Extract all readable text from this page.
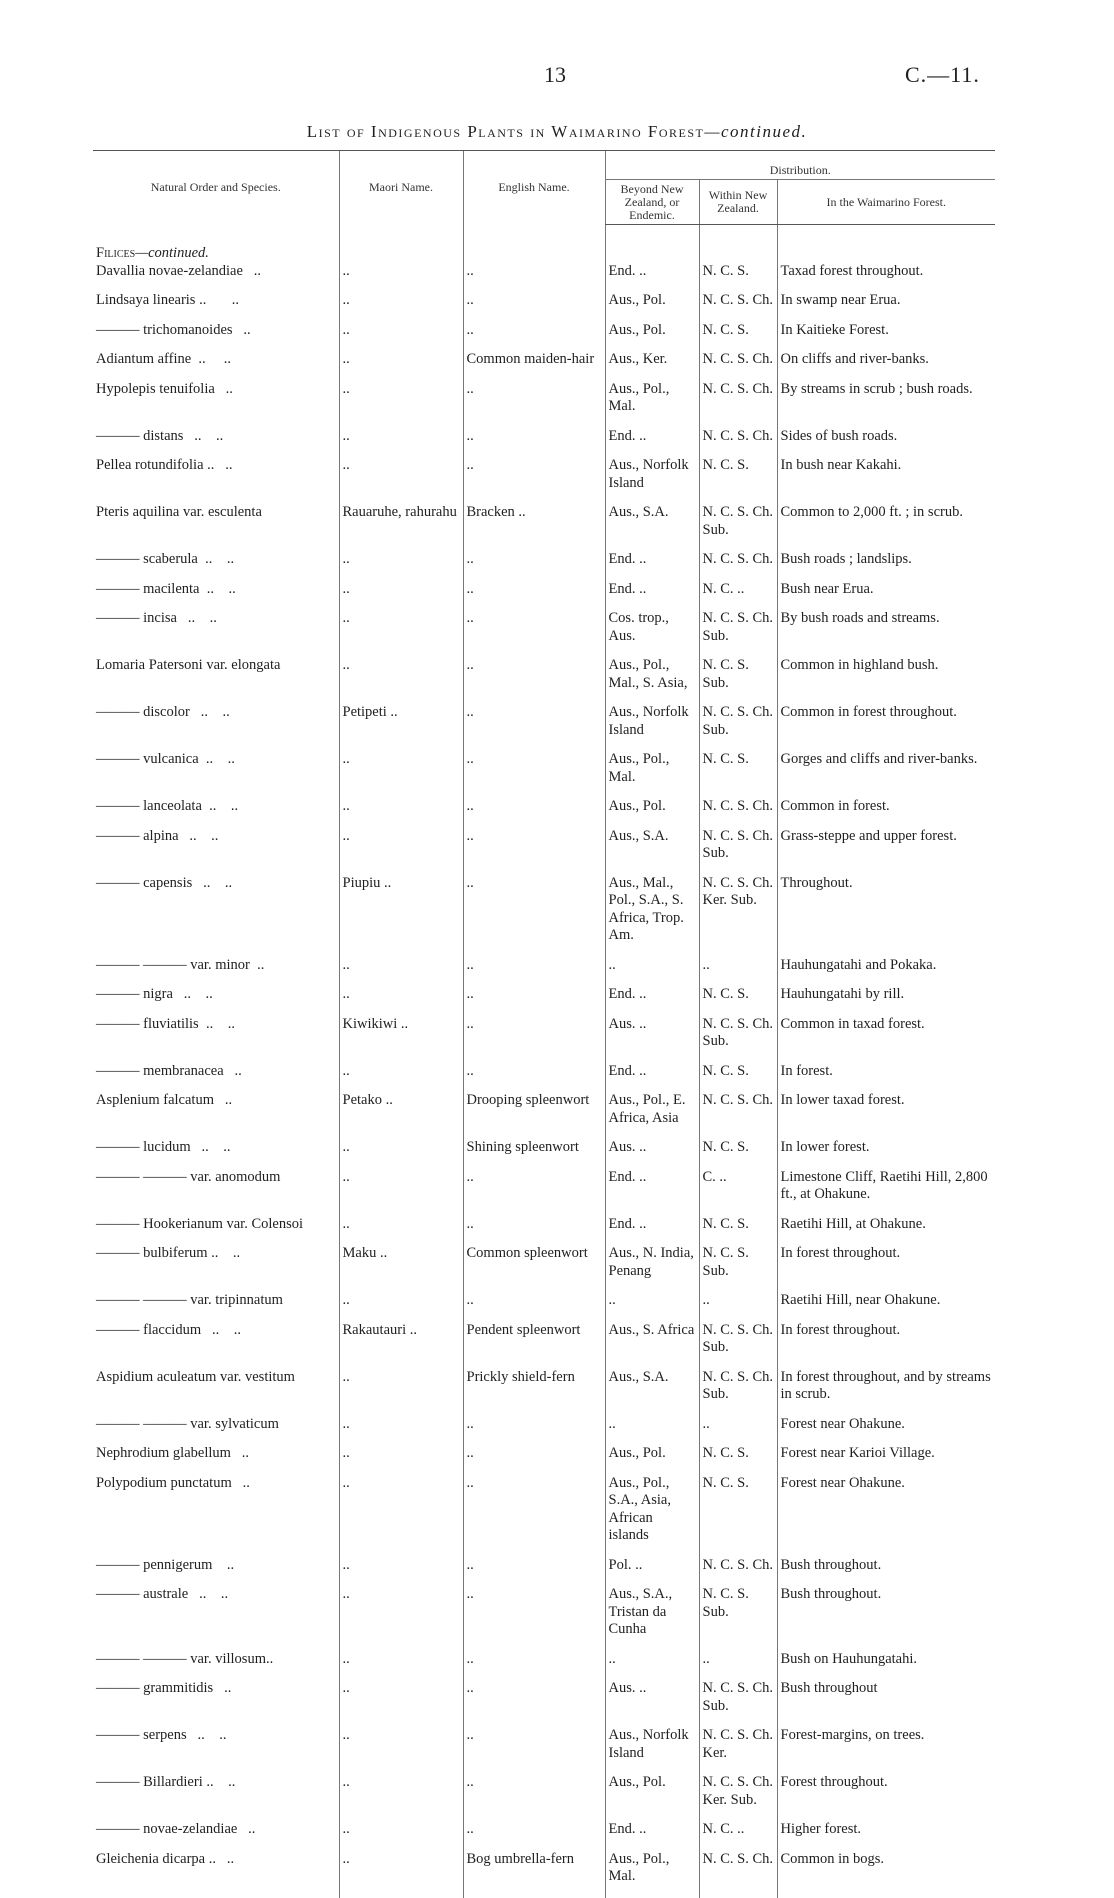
13	C.—11.
List of Indigenous Plants in Waimarino Forest—continued.
Natural Order and Species.	Maori Name.	English Name.	Distribution.		
			Beyond New Zealand, or Endemic.	Within New Zealand.	In the Waimarino Forest.

Filices—continued.					
Davallia novae-zelandiae   ..	..	..	End. ..	N. C. S.	Taxad forest throughout.
Lindsaya linearis ..       ..	..	..	Aus., Pol.	N. C. S. Ch.	In swamp near Erua.
——— trichomanoides   ..	..	..	Aus., Pol.	N. C. S.	In Kaitieke Forest.
Adiantum affine  ..     ..	..	Common maiden-hair	Aus., Ker.	N. C. S. Ch.	On cliffs and river-banks.
Hypolepis tenuifolia   ..	..	..	Aus., Pol., Mal.	N. C. S. Ch.	By streams in scrub ; bush roads.
——— distans   ..    ..	..	..	End. ..	N. C. S. Ch.	Sides of bush roads.
Pellea rotundifolia ..   ..	..	..	Aus., Norfolk Island	N. C. S.	In bush near Kakahi.
Pteris aquilina var. esculenta	Rauaruhe, rahurahu	Bracken ..	Aus., S.A.	N. C. S. Ch. Sub.	Common to 2,000 ft. ; in scrub.
——— scaberula  ..    ..	..	..	End. ..	N. C. S. Ch.	Bush roads ; landslips.
——— macilenta  ..    ..	..	..	End. ..	N. C. ..	Bush near Erua.
——— incisa   ..    ..	..	..	Cos. trop., Aus.	N. C. S. Ch. Sub.	By bush roads and streams.
Lomaria Patersoni var. elongata	..	..	Aus., Pol., Mal., S. Asia,	N. C. S. Sub.	Common in highland bush.
——— discolor   ..    ..	Petipeti ..	..	Aus., Norfolk Island	N. C. S. Ch. Sub.	Common in forest throughout.
——— vulcanica  ..    ..	..	..	Aus., Pol., Mal.	N. C. S.	Gorges and cliffs and river-banks.
——— lanceolata  ..    ..	..	..	Aus., Pol.	N. C. S. Ch.	Common in forest.
——— alpina   ..    ..	..	..	Aus., S.A.	N. C. S. Ch. Sub.	Grass-steppe and upper forest.
——— capensis   ..    ..	Piupiu ..	..	Aus., Mal., Pol., S.A., S. Africa, Trop. Am.	N. C. S. Ch. Ker. Sub.	Throughout.
——— ——— var. minor  ..	..	..	..	..	Hauhungatahi and Pokaka.
——— nigra   ..    ..	..	..	End. ..	N. C. S.	Hauhungatahi by rill.
——— fluviatilis  ..    ..	Kiwikiwi ..	..	Aus. ..	N. C. S. Ch. Sub.	Common in taxad forest.
——— membranacea   ..	..	..	End. ..	N. C. S.	In forest.
Asplenium falcatum   ..	Petako ..	Drooping spleenwort	Aus., Pol., E. Africa, Asia	N. C. S. Ch.	In lower taxad forest.
——— lucidum   ..    ..	..	Shining spleenwort	Aus. ..	N. C. S.	In lower forest.
——— ——— var. anomodum	..	..	End. ..	C. ..	Limestone Cliff, Raetihi Hill, 2,800 ft., at Ohakune.
——— Hookerianum var. Colensoi	..	..	End. ..	N. C. S.	Raetihi Hill, at Ohakune.
——— bulbiferum ..    ..	Maku ..	Common spleenwort	Aus., N. India, Penang	N. C. S. Sub.	In forest throughout.
——— ——— var. tripinnatum	..	..	..	..	Raetihi Hill, near Ohakune.
——— flaccidum   ..    ..	Rakautauri ..	Pendent spleenwort	Aus., S. Africa	N. C. S. Ch. Sub.	In forest throughout.
Aspidium aculeatum var. vestitum	..	Prickly shield-fern	Aus., S.A.	N. C. S. Ch. Sub.	In forest throughout, and by streams in scrub.
——— ——— var. sylvaticum	..	..	..	..	Forest near Ohakune.
Nephrodium glabellum   ..	..	..	Aus., Pol.	N. C. S.	Forest near Karioi Village.
Polypodium punctatum   ..	..	..	Aus., Pol., S.A., Asia, African islands	N. C. S.	Forest near Ohakune.
——— pennigerum    ..	..	..	Pol. ..	N. C. S. Ch.	Bush throughout.
——— australe   ..    ..	..	..	Aus., S.A., Tristan da Cunha	N. C. S. Sub.	Bush throughout.
——— ——— var. villosum..	..	..	..	..	Bush on Hauhungatahi.
——— grammitidis   ..	..	..	Aus. ..	N. C. S. Ch. Sub.	Bush throughout
——— serpens   ..    ..	..	..	Aus., Norfolk Island	N. C. S. Ch. Ker.	Forest-margins, on trees.
——— Billardieri ..    ..	..	..	Aus., Pol.	N. C. S. Ch. Ker. Sub.	Forest throughout.
——— novae-zelandiae   ..	..	..	End. ..	N. C. ..	Higher forest.
Gleichenia dicarpa ..   ..	..	Bog umbrella-fern	Aus., Pol., Mal.	N. C. S. Ch.	Common in bogs.
